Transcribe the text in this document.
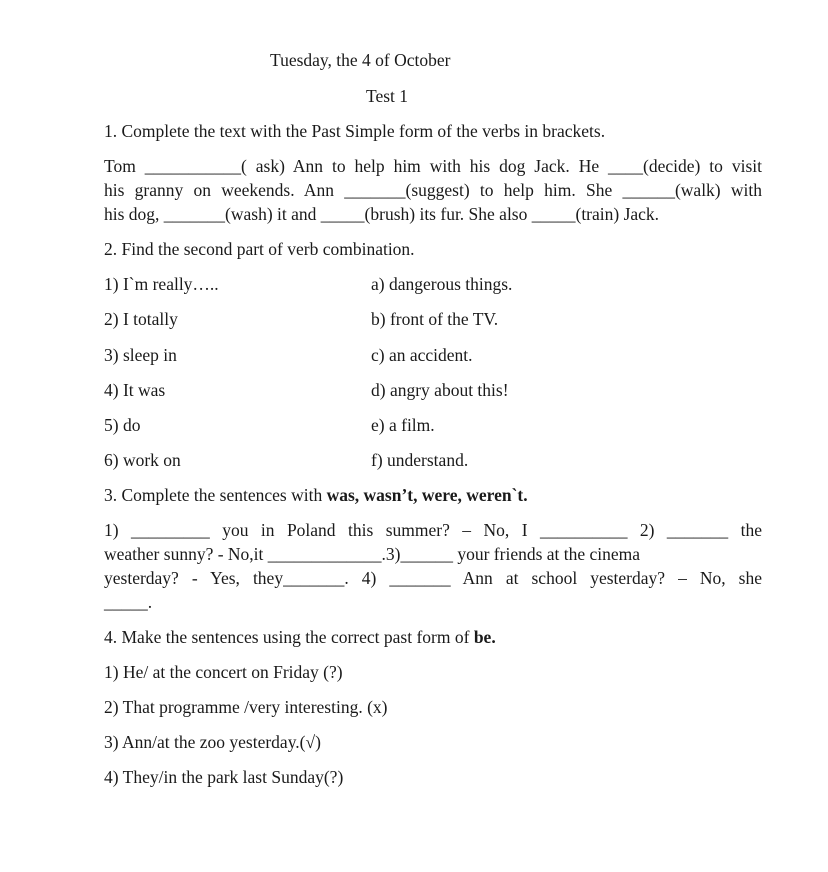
Tuesday, the 4 of October
Test 1
1. Complete the text with the Past Simple form of the verbs in brackets.
Tom ___________( ask) Ann to help him with his dog Jack. He ____(decide) to visit
his granny on weekends. Ann _______(suggest) to help him. She ______(walk) with
his dog, _______(wash) it and _____(brush) its fur. She also _____(train) Jack.
2. Find the second part of verb combination.
1) I`m really…..	a) dangerous things.
2) I totally	b) front of the TV.
3) sleep in	c) an accident.
4) It was	d) angry about this!
5) do	e) a film.
6) work on	f) understand.
3. Complete the sentences with was, wasn’t, were, weren`t.
1) _________ you in Poland this summer? – No, I __________ 2) _______ the
weather sunny? - No,it _____________.3)______ your friends at the cinema
yesterday? - Yes, they_______. 4) _______ Ann at school yesterday? – No, she
_____.
4. Make the sentences using the correct past form of be.
1) He/ at the concert on Friday (?)
2) That programme /very interesting. (x)
3) Ann/at the zoo yesterday.(√)
4) They/in the park last Sunday(?)
